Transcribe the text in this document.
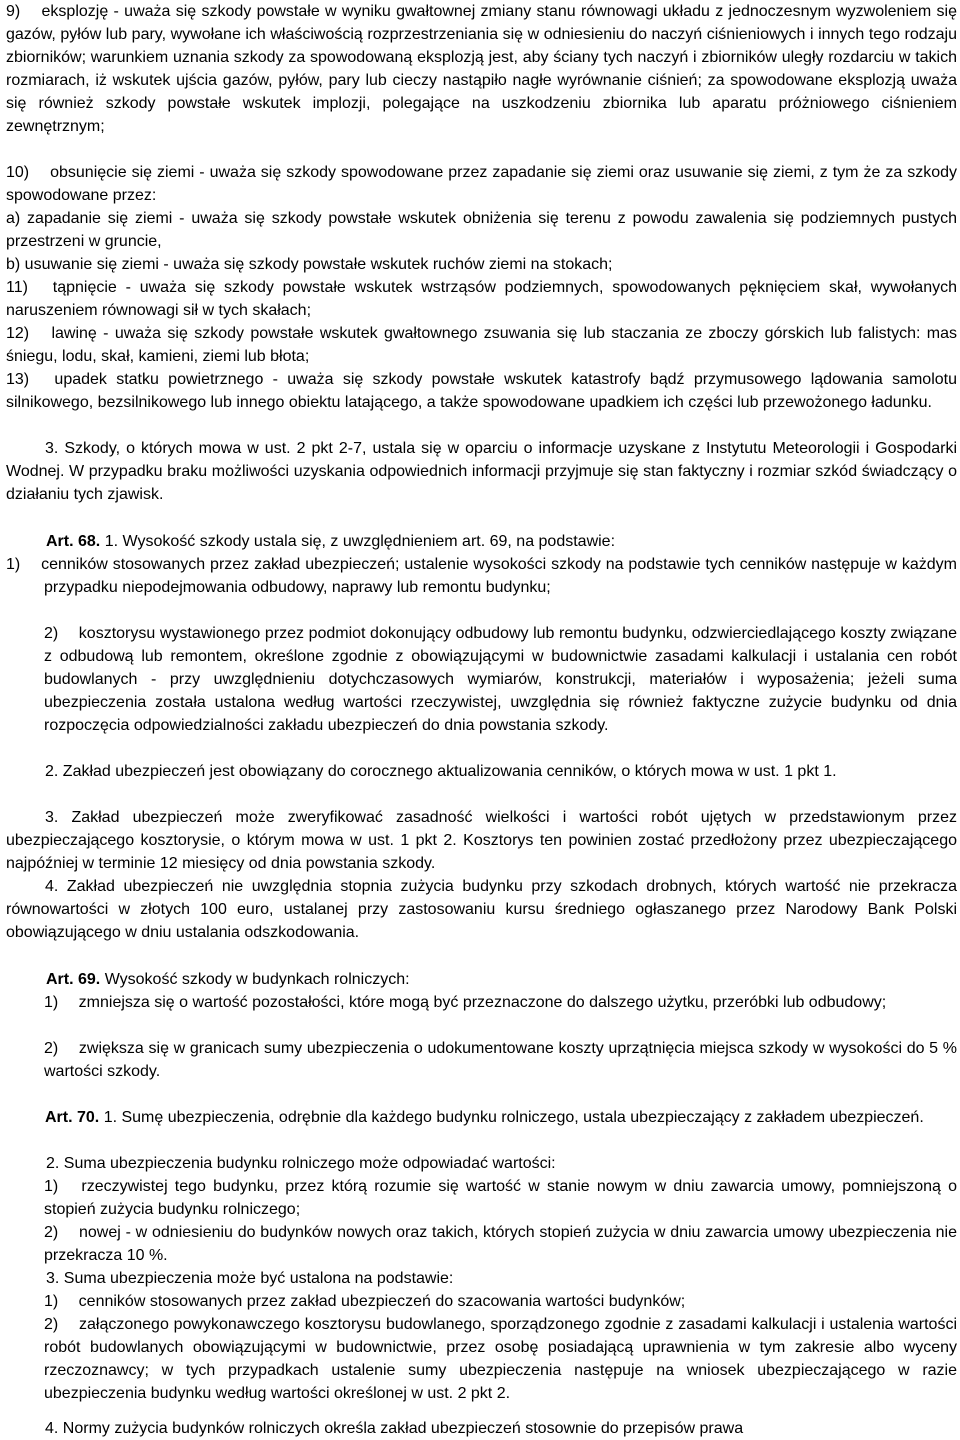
9)  eksplozję - uważa się szkody powstałe w wyniku gwałtownej zmiany stanu równowagi układu z jednoczesnym wyzwoleniem się gazów, pyłów lub pary, wywołane ich właściwością rozprzestrzeniania się w odniesieniu do naczyń ciśnieniowych i innych tego rodzaju zbiorników; warunkiem uznania szkody za spowodowaną eksplozją jest, aby ściany tych naczyń i zbiorników uległy rozdarciu w takich rozmiarach, iż wskutek ujścia gazów, pyłów, pary lub cieczy nastąpiło nagłe wyrównanie ciśnień; za spowodowane eksplozją uważa się również szkody powstałe wskutek implozji, polegające na uszkodzeniu zbiornika lub aparatu próżniowego ciśnieniem zewnętrznym;

10)  obsunięcie się ziemi - uważa się szkody spowodowane przez zapadanie się ziemi oraz usuwanie się ziemi, z tym że za szkody spowodowane przez:

a) zapadanie się ziemi - uważa się szkody powstałe wskutek obniżenia się terenu z powodu zawalenia się podziemnych pustych przestrzeni w gruncie,

b) usuwanie się ziemi - uważa się szkody powstałe wskutek ruchów ziemi na stokach;

11)  tąpnięcie - uważa się szkody powstałe wskutek wstrząsów podziemnych, spowodowanych pęknięciem skał, wywołanych naruszeniem równowagi sił w tych skałach;

12)  lawinę - uważa się szkody powstałe wskutek gwałtownego zsuwania się lub staczania ze zboczy górskich lub falistych: mas śniegu, lodu, skał, kamieni, ziemi lub błota;

13)  upadek statku powietrznego - uważa się szkody powstałe wskutek katastrofy bądź przymusowego lądowania samolotu silnikowego, bezsilnikowego lub innego obiektu latającego, a także spowodowane upadkiem ich części lub przewożonego ładunku.

3. Szkody, o których mowa w ust. 2 pkt 2-7, ustala się w oparciu o informacje uzyskane z Instytutu Meteorologii i Gospodarki Wodnej. W przypadku braku możliwości uzyskania odpowiednich informacji przyjmuje się stan faktyczny i rozmiar szkód świadczący o działaniu tych zjawisk.

Art. 68. 1. Wysokość szkody ustala się, z uwzględnieniem art. 69, na podstawie:

1)  cenników stosowanych przez zakład ubezpieczeń; ustalenie wysokości szkody na podstawie tych cenników następuje w każdym przypadku niepodejmowania odbudowy, naprawy lub remontu budynku;

2)  kosztorysu wystawionego przez podmiot dokonujący odbudowy lub remontu budynku, odzwierciedlającego koszty związane z odbudową lub remontem, określone zgodnie z obowiązującymi w budownictwie zasadami kalkulacji i ustalania cen robót budowlanych - przy uwzględnieniu dotychczasowych wymiarów, konstrukcji, materiałów i wyposażenia; jeżeli suma ubezpieczenia została ustalona według wartości rzeczywistej, uwzględnia się również faktyczne zużycie budynku od dnia rozpoczęcia odpowiedzialności zakładu ubezpieczeń do dnia powstania szkody.

2. Zakład ubezpieczeń jest obowiązany do corocznego aktualizowania cenników, o których mowa w ust. 1 pkt 1.

3. Zakład ubezpieczeń może zweryfikować zasadność wielkości i wartości robót ujętych w przedstawionym przez ubezpieczającego kosztorysie, o którym mowa w ust. 1 pkt 2. Kosztorys ten powinien zostać przedłożony przez ubezpieczającego najpóźniej w terminie 12 miesięcy od dnia powstania szkody.

4. Zakład ubezpieczeń nie uwzględnia stopnia zużycia budynku przy szkodach drobnych, których wartość nie przekracza równowartości w złotych 100 euro, ustalanej przy zastosowaniu kursu średniego ogłaszanego przez Narodowy Bank Polski obowiązującego w dniu ustalania odszkodowania.

Art. 69. Wysokość szkody w budynkach rolniczych:

1)  zmniejsza się o wartość pozostałości, które mogą być przeznaczone do dalszego użytku, przeróbki lub odbudowy;

2)  zwiększa się w granicach sumy ubezpieczenia o udokumentowane koszty uprzątnięcia miejsca szkody w wysokości do 5 % wartości szkody.

Art. 70. 1. Sumę ubezpieczenia, odrębnie dla każdego budynku rolniczego, ustala ubezpieczający z zakładem ubezpieczeń.

2. Suma ubezpieczenia budynku rolniczego może odpowiadać wartości:

1)  rzeczywistej tego budynku, przez którą rozumie się wartość w stanie nowym w dniu zawarcia umowy, pomniejszoną o stopień zużycia budynku rolniczego;

2)  nowej - w odniesieniu do budynków nowych oraz takich, których stopień zużycia w dniu zawarcia umowy ubezpieczenia nie przekracza 10 %.

3. Suma ubezpieczenia może być ustalona na podstawie:

1)  cenników stosowanych przez zakład ubezpieczeń do szacowania wartości budynków;

2)  załączonego powykonawczego kosztorysu budowlanego, sporządzonego zgodnie z zasadami kalkulacji i ustalenia wartości robót budowlanych obowiązującymi w budownictwie, przez osobę posiadającą uprawnienia w tym zakresie albo wyceny rzeczoznawcy; w tych przypadkach ustalenie sumy ubezpieczenia następuje na wniosek ubezpieczającego w razie ubezpieczenia budynku według wartości określonej w ust. 2 pkt 2.

4. Normy zużycia budynków rolniczych określa zakład ubezpieczeń stosownie do przepisów prawa
